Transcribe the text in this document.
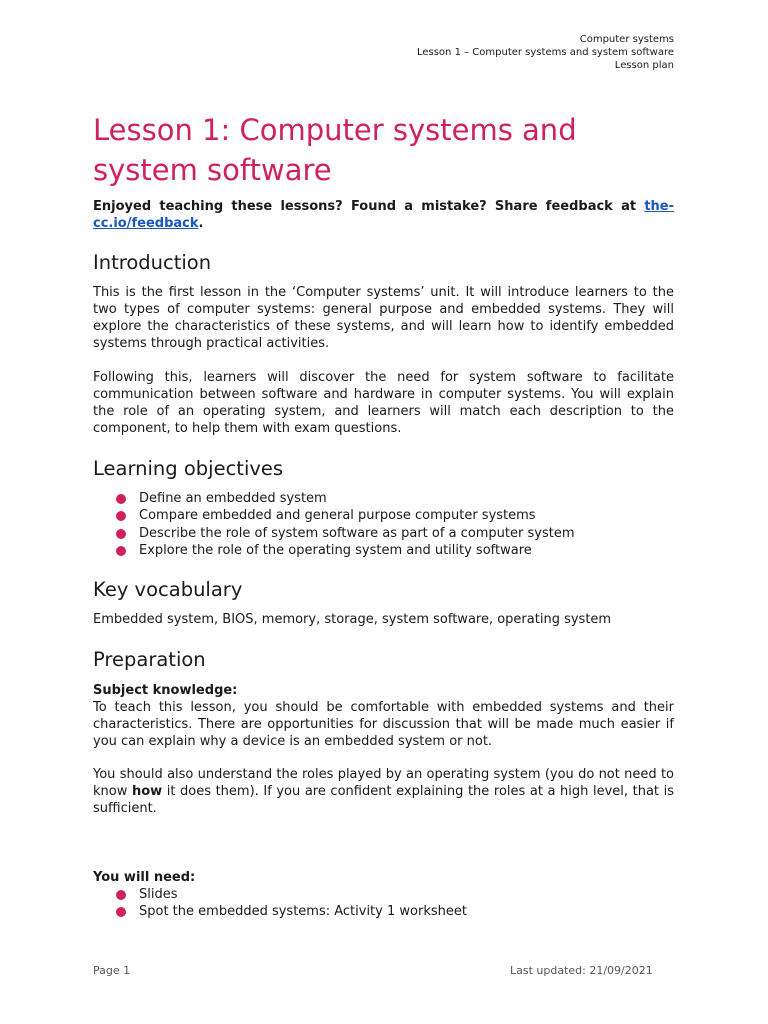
Computer systems
Lesson 1 – Computer systems and system software
Lesson plan
Lesson 1: Computer systems and system software
Enjoyed teaching these lessons? Found a mistake? Share feedback at the-cc.io/feedback.
Introduction

This is the first lesson in the ‘Computer systems’ unit. It will introduce learners to the two types of computer systems: general purpose and embedded systems. They will explore the characteristics of these systems, and will learn how to identify embedded systems through practical activities.

Following this, learners will discover the need for system software to facilitate communication between software and hardware in computer systems. You will explain the role of an operating system, and learners will match each description to the component, to help them with exam questions.

Learning objectives
Define an embedded system
Compare embedded and general purpose computer systems
Describe the role of system software as part of a computer system
Explore the role of the operating system and utility software
Key vocabulary

Embedded system, BIOS, memory, storage, system software, operating system

Preparation

Subject knowledge:
To teach this lesson, you should be comfortable with embedded systems and their characteristics. There are opportunities for discussion that will be made much easier if you can explain why a device is an embedded system or not.

You should also understand the roles played by an operating system (you do not need to know how it does them). If you are confident explaining the roles at a high level, that is sufficient.

You will need:

Slides
Spot the embedded systems: Activity 1 worksheet
Page 1	Last updated: 21/09/2021
